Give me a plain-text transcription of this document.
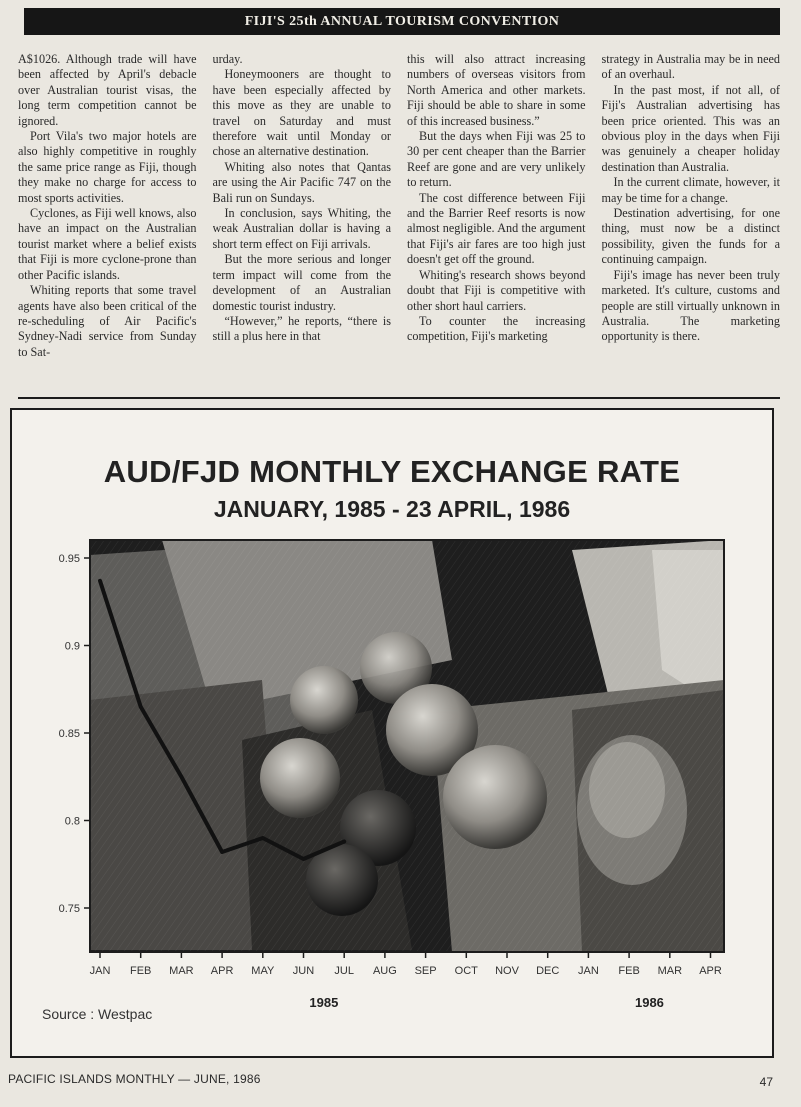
FIJI'S 25th ANNUAL TOURISM CONVENTION

A$1026. Although trade will have been affected by April's debacle over Australian tourist visas, the long term competition cannot be ignored.

Port Vila's two major hotels are also highly competitive in roughly the same price range as Fiji, though they make no charge for access to most sports activities.

Cyclones, as Fiji well knows, also have an impact on the Australian tourist market where a belief exists that Fiji is more cyclone-prone than other Pacific islands.

Whiting reports that some travel agents have also been critical of the re-scheduling of Air Pacific's Sydney-Nadi service from Sunday to Sat-

urday.

Honeymooners are thought to have been especially affected by this move as they are unable to travel on Saturday and must therefore wait until Monday or chose an alternative destination.

Whiting also notes that Qantas are using the Air Pacific 747 on the Bali run on Sundays.

In conclusion, says Whiting, the weak Australian dollar is having a short term effect on Fiji arrivals.

But the more serious and longer term impact will come from the development of an Australian domestic tourist industry.

“However,” he reports, “there is still a plus here in that

this will also attract increasing numbers of overseas visitors from North America and other markets. Fiji should be able to share in some of this increased business.”

But the days when Fiji was 25 to 30 per cent cheaper than the Barrier Reef are gone and are very unlikely to return.

The cost difference between Fiji and the Barrier Reef resorts is now almost negligible. And the argument that Fiji's air fares are too high just doesn't get off the ground.

Whiting's research shows beyond doubt that Fiji is competitive with other short haul carriers.

To counter the increasing competition, Fiji's marketing

strategy in Australia may be in need of an overhaul.

In the past most, if not all, of Fiji's Australian advertising has been price oriented. This was an obvious ploy in the days when Fiji was genuinely a cheaper holiday destination than Australia.

In the current climate, however, it may be time for a change.

Destination advertising, for one thing, must now be a distinct possibility, given the funds for a continuing campaign.

Fiji's image has never been truly marketed. It's culture, customs and people are still virtually unknown in Australia. The marketing opportunity is there.

AUD/FJD MONTHLY EXCHANGE RATE
JANUARY, 1985 - 23 APRIL, 1986
0.95
0.9
0.85
0.8
0.75
JAN FEB MAR APR MAY JUN JUL AUG SEP OCT NOV DEC JAN FEB MAR APR
1985	1986
Source : Westpac
PACIFIC ISLANDS MONTHLY — JUNE, 1986	47
